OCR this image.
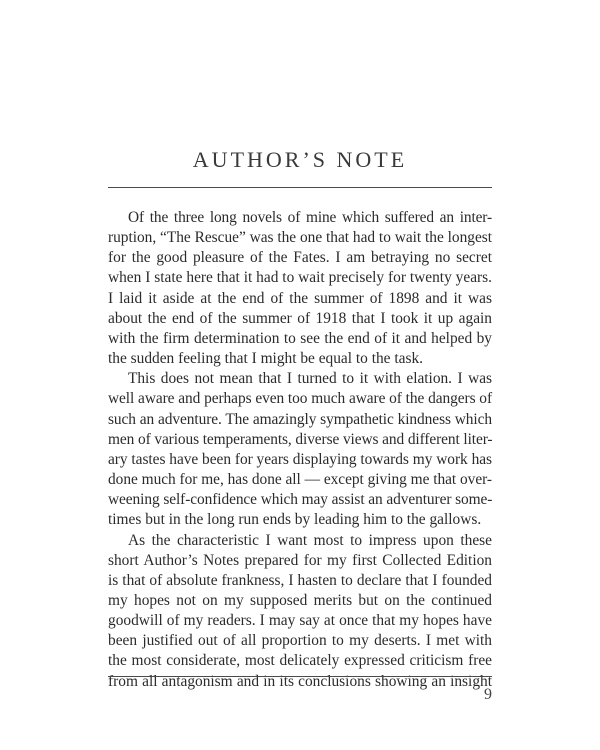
AUTHOR’S NOTE
Of the three long novels of mine which suffered an inter-
ruption, “The Rescue” was the one that had to wait the longest
for the good pleasure of the Fates. I am betraying no secret
when I state here that it had to wait precisely for twenty years.
I laid it aside at the end of the summer of 1898 and it was
about the end of the summer of 1918 that I took it up again
with the firm determination to see the end of it and helped by
the sudden feeling that I might be equal to the task.
This does not mean that I turned to it with elation. I was
well aware and perhaps even too much aware of the dangers of
such an adventure. The amazingly sympathetic kindness which
men of various temperaments, diverse views and different liter-
ary tastes have been for years displaying towards my work has
done much for me, has done all — except giving me that over-
weening self-confidence which may assist an adventurer some-
times but in the long run ends by leading him to the gallows.
As the characteristic I want most to impress upon these
short Author’s Notes prepared for my first Collected Edition
is that of absolute frankness, I hasten to declare that I founded
my hopes not on my supposed merits but on the continued
goodwill of my readers. I may say at once that my hopes have
been justified out of all proportion to my deserts. I met with
the most considerate, most delicately expressed criticism free
from all antagonism and in its conclusions showing an insight
9
